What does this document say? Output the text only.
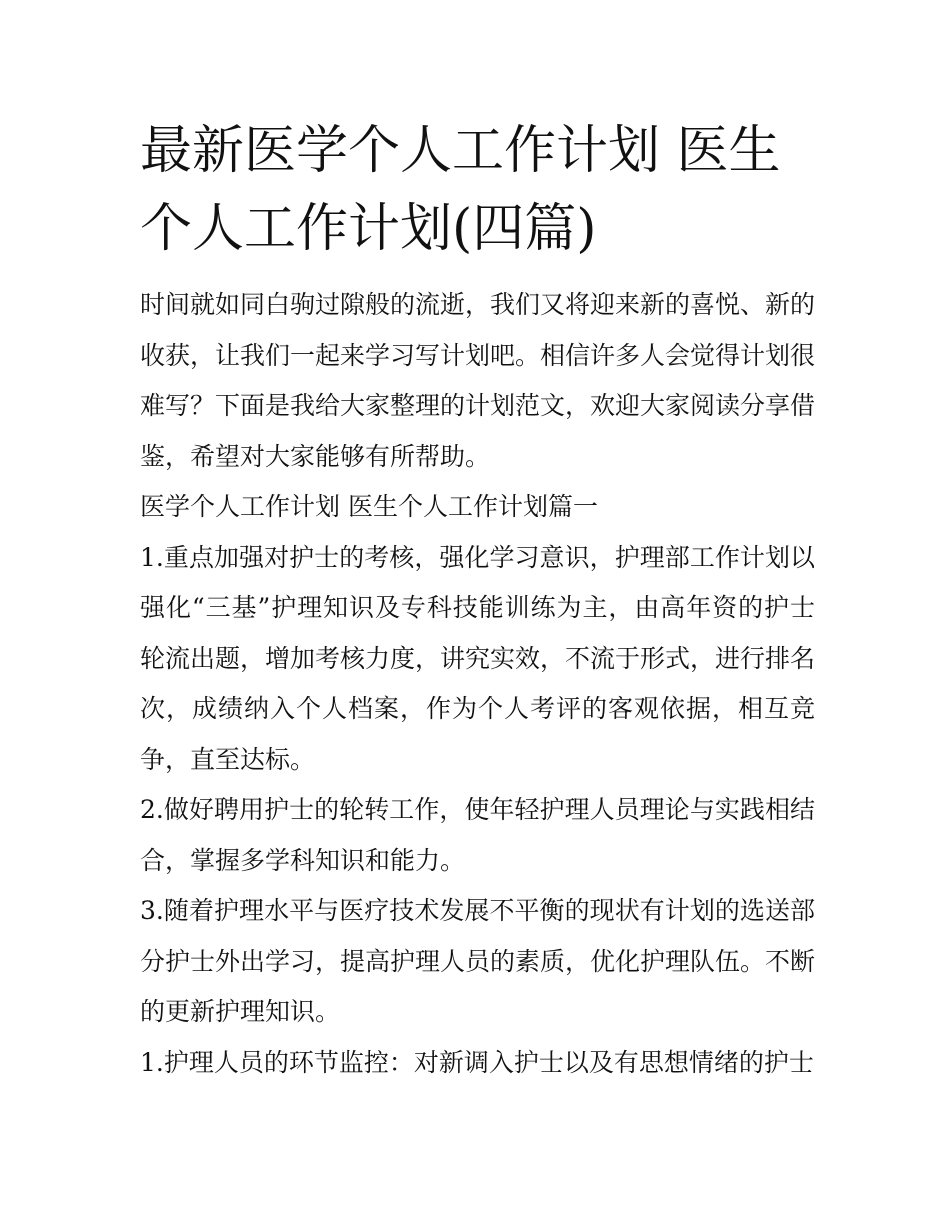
最新医学个人工作计划 医生个人工作计划(四篇)

时间就如同白驹过隙般的流逝，我们又将迎来新的喜悦、新的收获，让我们一起来学习写计划吧。相信许多人会觉得计划很难写？下面是我给大家整理的计划范文，欢迎大家阅读分享借鉴，希望对大家能够有所帮助。

医学个人工作计划 医生个人工作计划篇一

1.重点加强对护士的考核，强化学习意识，护理部工作计划以强化“三基”护理知识及专科技能训练为主，由高年资的护士轮流出题，增加考核力度，讲究实效，不流于形式，进行排名次，成绩纳入个人档案，作为个人考评的客观依据，相互竞争，直至达标。

2.做好聘用护士的轮转工作，使年轻护理人员理论与实践相结合，掌握多学科知识和能力。

3.随着护理水平与医疗技术发展不平衡的现状有计划的选送部分护士外出学习，提高护理人员的素质，优化护理队伍。不断的更新护理知识。

1.护理人员的环节监控：对新调入护士以及有思想情绪的护士
